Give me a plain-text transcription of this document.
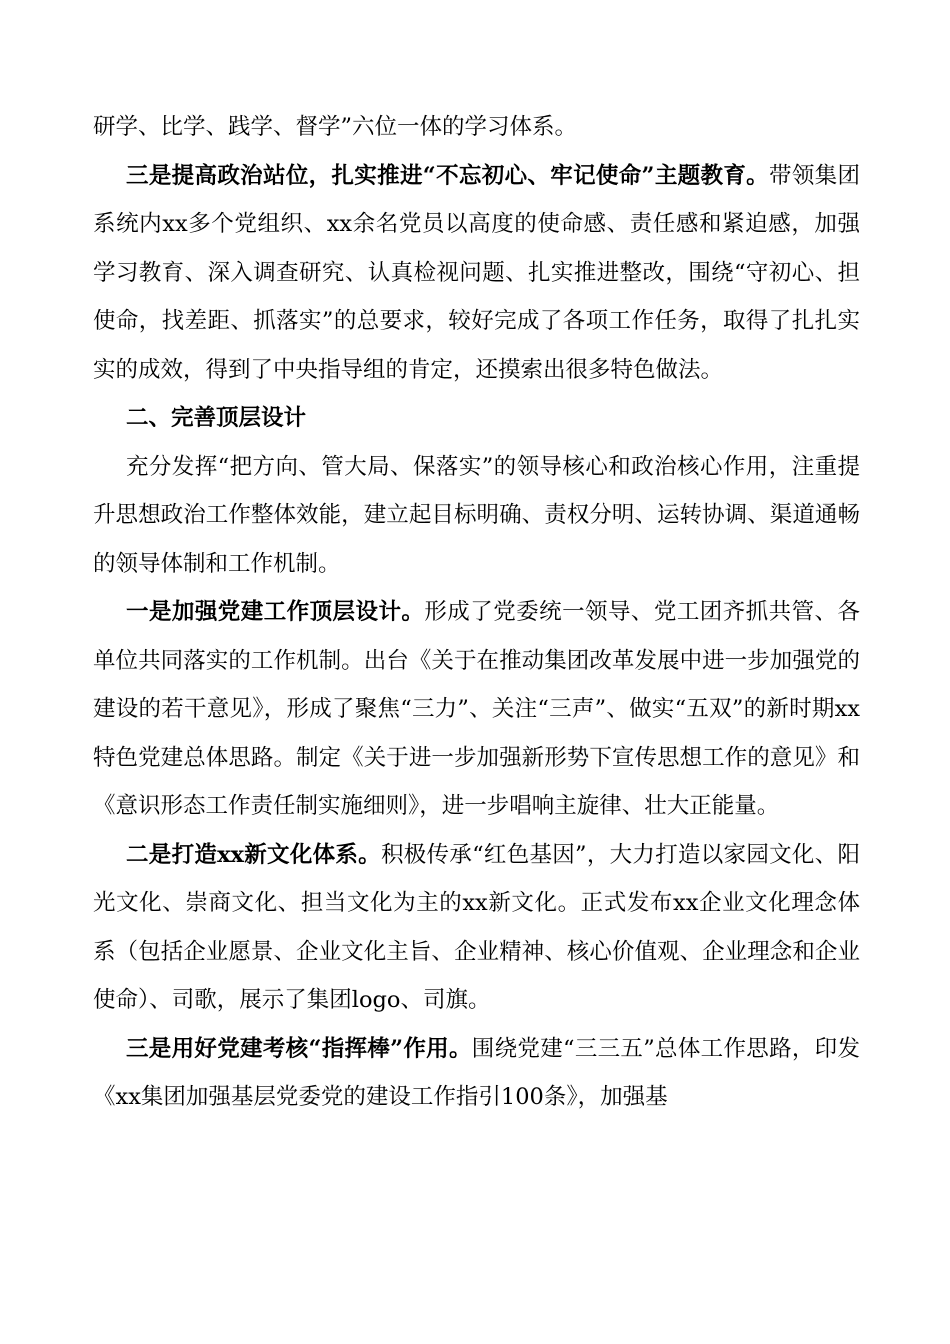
研学、比学、践学、督学”六位一体的学习体系。

三是提高政治站位，扎实推进“不忘初心、牢记使命”主题教育。带领集团系统内xx多个党组织、xx余名党员以高度的使命感、责任感和紧迫感，加强学习教育、深入调查研究、认真检视问题、扎实推进整改，围绕“守初心、担使命，找差距、抓落实”的总要求，较好完成了各项工作任务，取得了扎扎实实的成效，得到了中央指导组的肯定，还摸索出很多特色做法。

二、完善顶层设计

充分发挥“把方向、管大局、保落实”的领导核心和政治核心作用，注重提升思想政治工作整体效能，建立起目标明确、责权分明、运转协调、渠道通畅的领导体制和工作机制。

一是加强党建工作顶层设计。形成了党委统一领导、党工团齐抓共管、各单位共同落实的工作机制。出台《关于在推动集团改革发展中进一步加强党的建设的若干意见》，形成了聚焦“三力”、关注“三声”、做实“五双”的新时期xx特色党建总体思路。制定《关于进一步加强新形势下宣传思想工作的意见》和《意识形态工作责任制实施细则》，进一步唱响主旋律、壮大正能量。

二是打造xx新文化体系。积极传承“红色基因”，大力打造以家园文化、阳光文化、崇商文化、担当文化为主的xx新文化。正式发布xx企业文化理念体系（包括企业愿景、企业文化主旨、企业精神、核心价值观、企业理念和企业使命）、司歌，展示了集团logo、司旗。

三是用好党建考核“指挥棒”作用。围绕党建“三三五”总体工作思路，印发《xx集团加强基层党委党的建设工作指引100条》，加强基
